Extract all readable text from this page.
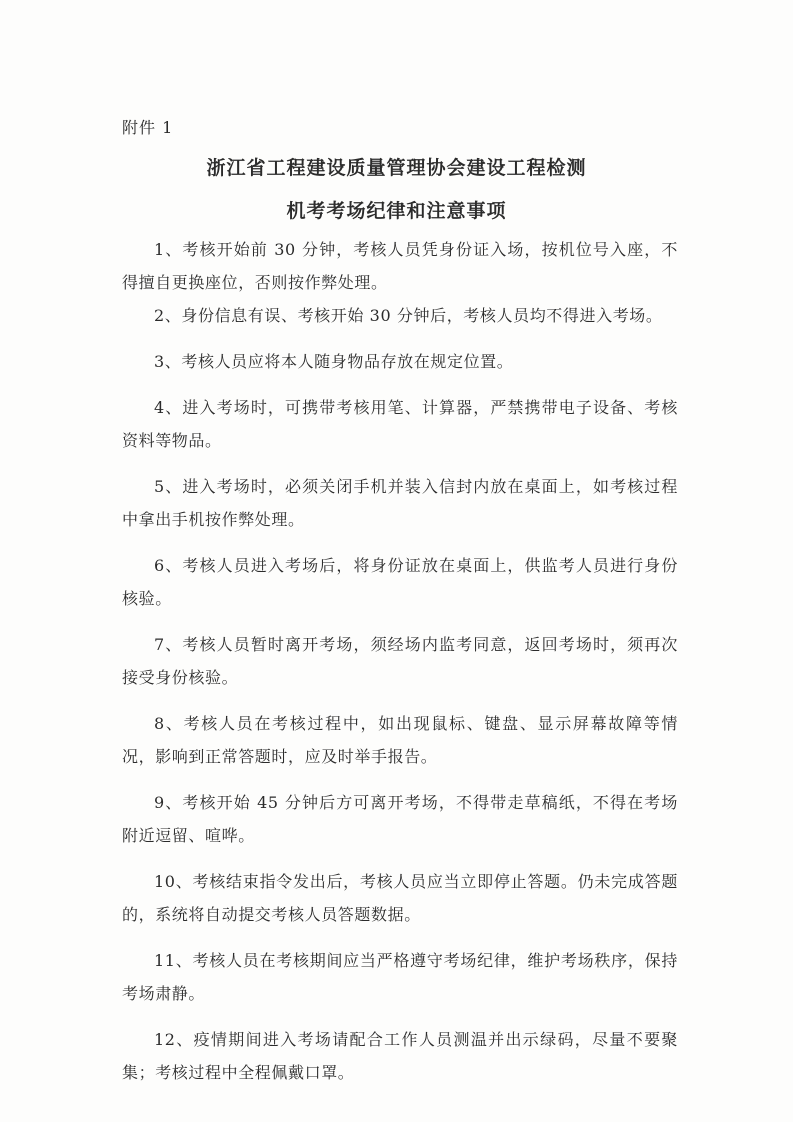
附件 1
浙江省工程建设质量管理协会建设工程检测
机考考场纪律和注意事项

1、考核开始前 30 分钟，考核人员凭身份证入场，按机位号入座，不得擅自更换座位，否则按作弊处理。

2、身份信息有误、考核开始 30 分钟后，考核人员均不得进入考场。

3、考核人员应将本人随身物品存放在规定位置。

4、进入考场时，可携带考核用笔、计算器，严禁携带电子设备、考核资料等物品。

5、进入考场时，必须关闭手机并装入信封内放在桌面上，如考核过程中拿出手机按作弊处理。

6、考核人员进入考场后，将身份证放在桌面上，供监考人员进行身份核验。

7、考核人员暂时离开考场，须经场内监考同意，返回考场时，须再次接受身份核验。

8、考核人员在考核过程中，如出现鼠标、键盘、显示屏幕故障等情况，影响到正常答题时，应及时举手报告。

9、考核开始 45 分钟后方可离开考场，不得带走草稿纸，不得在考场附近逗留、喧哗。

10、考核结束指令发出后，考核人员应当立即停止答题。仍未完成答题的，系统将自动提交考核人员答题数据。

11、考核人员在考核期间应当严格遵守考场纪律，维护考场秩序，保持考场肃静。

12、疫情期间进入考场请配合工作人员测温并出示绿码，尽量不要聚集；考核过程中全程佩戴口罩。
